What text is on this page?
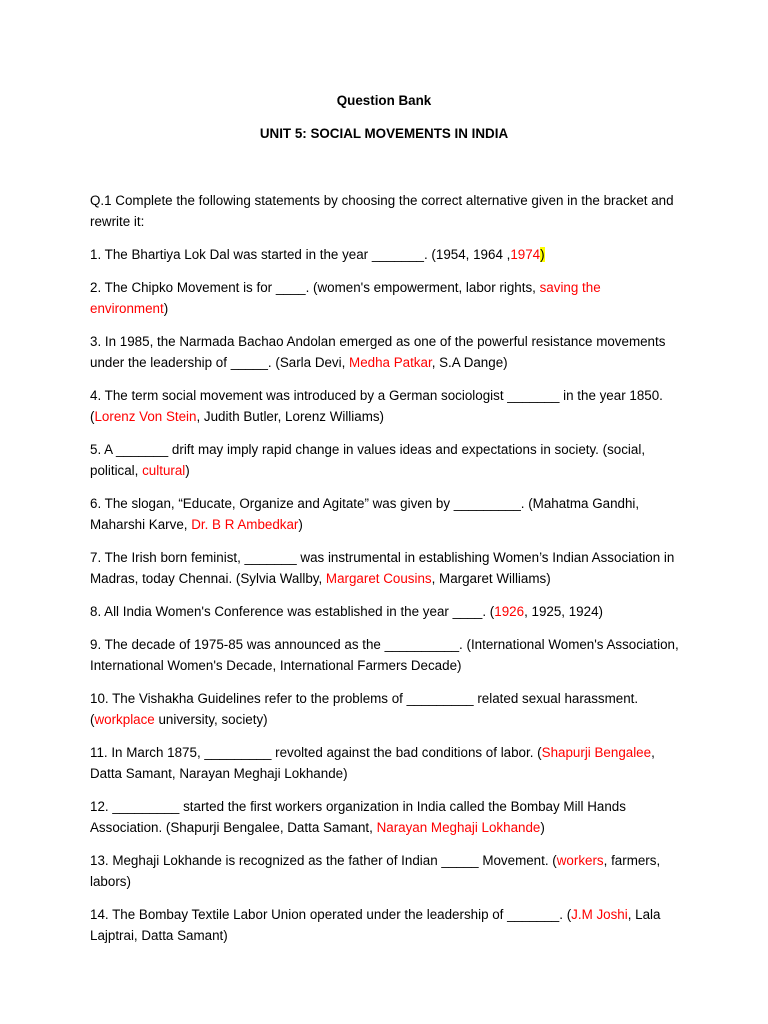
Question Bank
UNIT 5: SOCIAL MOVEMENTS IN INDIA

Q.1 Complete the following statements by choosing the correct alternative given in the bracket and rewrite it:

1. The Bhartiya Lok Dal was started in the year _______. (1954, 1964 ,1974)

2. The Chipko Movement is for ____. (women's empowerment, labor rights, saving the environment)

3. In 1985, the Narmada Bachao Andolan emerged as one of the powerful resistance movements under the leadership of _____. (Sarla Devi, Medha Patkar, S.A Dange)

4. The term social movement was introduced by a German sociologist _______ in the year 1850. (Lorenz Von Stein, Judith Butler, Lorenz Williams)

5. A _______ drift may imply rapid change in values ideas and expectations in society. (social, political, cultural)

6. The slogan, “Educate, Organize and Agitate” was given by _________. (Mahatma Gandhi, Maharshi Karve, Dr. B R Ambedkar)

7. The Irish born feminist, _______ was instrumental in establishing Women’s Indian Association in Madras, today Chennai. (Sylvia Wallby, Margaret Cousins, Margaret Williams)

8. All India Women's Conference was established in the year ____. (1926, 1925, 1924)

9. The decade of 1975-85 was announced as the __________. (International Women's Association, International Women's Decade, International Farmers Decade)

10. The Vishakha Guidelines refer to the problems of _________ related sexual harassment. (workplace university, society)

11. In March 1875, _________ revolted against the bad conditions of labor. (Shapurji Bengalee, Datta Samant, Narayan Meghaji Lokhande)

12. _________ started the first workers organization in India called the Bombay Mill Hands Association. (Shapurji Bengalee, Datta Samant, Narayan Meghaji Lokhande)

13. Meghaji Lokhande is recognized as the father of Indian _____ Movement. (workers, farmers, labors)

14. The Bombay Textile Labor Union operated under the leadership of _______. (J.M Joshi, Lala Lajptrai, Datta Samant)
